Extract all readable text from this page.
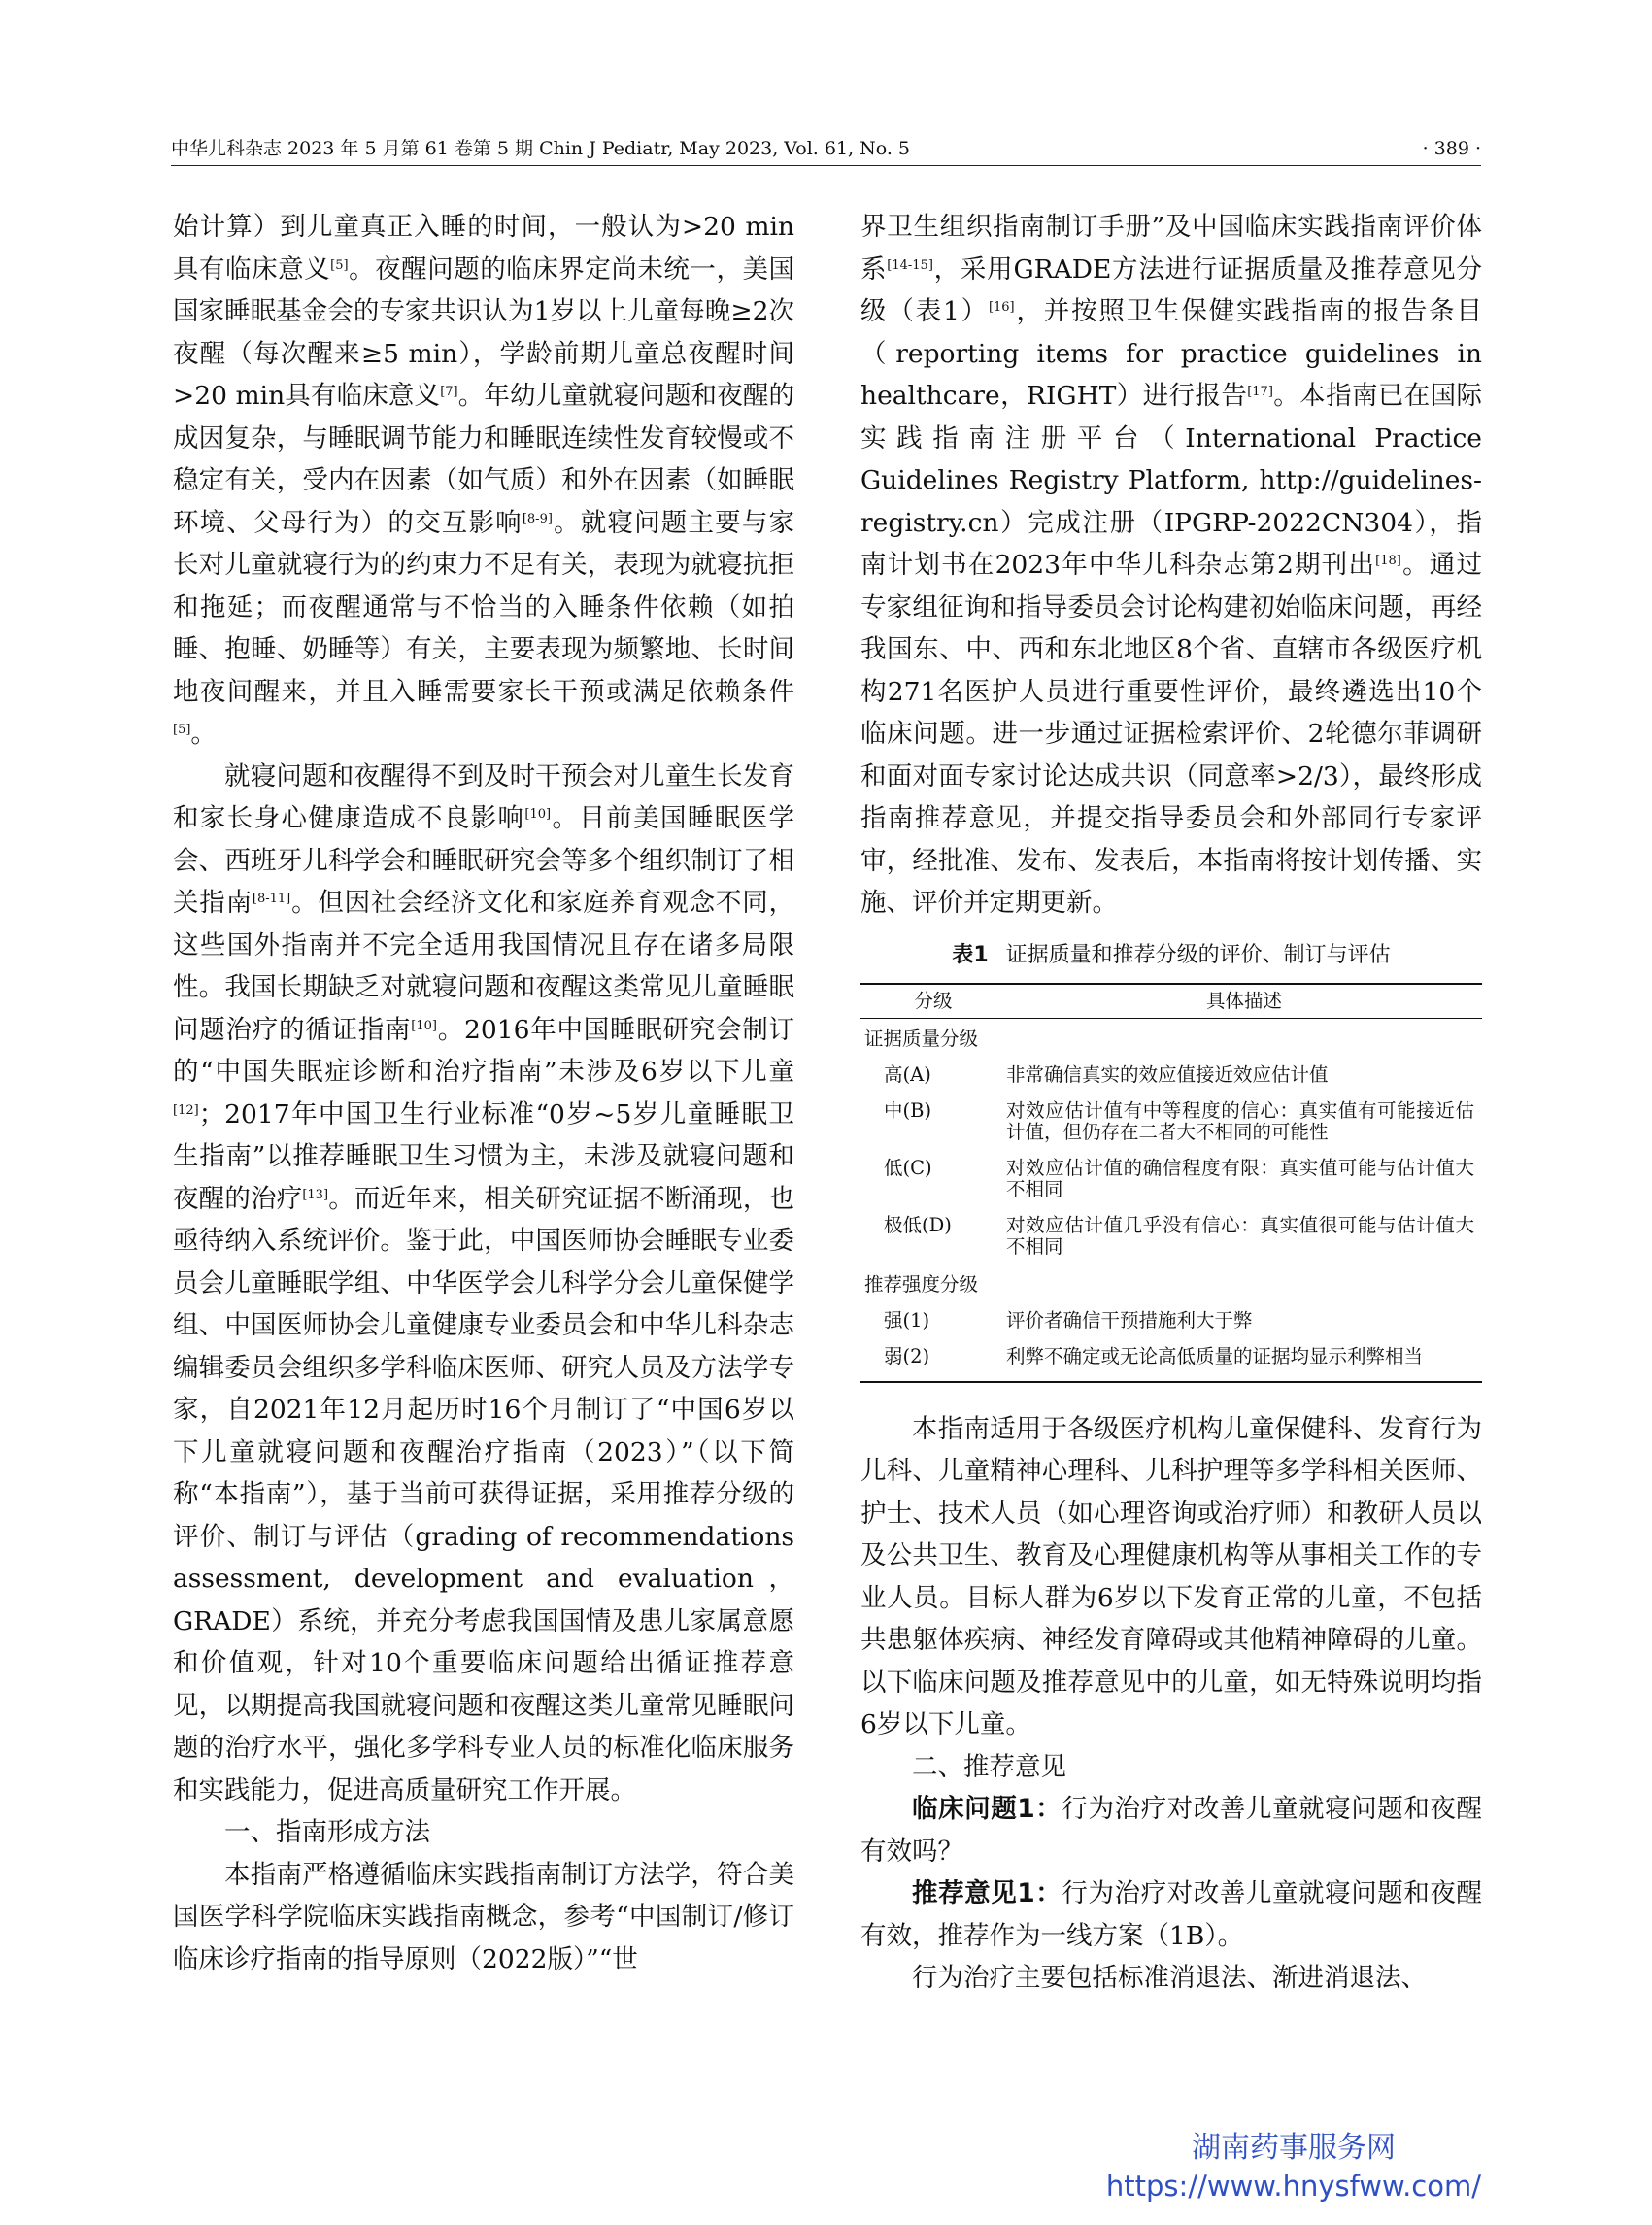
中华儿科杂志 2023 年 5 月第 61 卷第 5 期 Chin J Pediatr, May 2023, Vol. 61, No. 5	· 389 ·

始计算）到儿童真正入睡的时间，一般认为>20 min具有临床意义[5]。夜醒问题的临床界定尚未统一，美国国家睡眠基金会的专家共识认为1岁以上儿童每晚≥2次夜醒（每次醒来≥5 min），学龄前期儿童总夜醒时间>20 min具有临床意义[7]。年幼儿童就寝问题和夜醒的成因复杂，与睡眠调节能力和睡眠连续性发育较慢或不稳定有关，受内在因素（如气质）和外在因素（如睡眠环境、父母行为）的交互影响[8-9]。就寝问题主要与家长对儿童就寝行为的约束力不足有关，表现为就寝抗拒和拖延；而夜醒通常与不恰当的入睡条件依赖（如拍睡、抱睡、奶睡等）有关，主要表现为频繁地、长时间地夜间醒来，并且入睡需要家长干预或满足依赖条件[5]。

就寝问题和夜醒得不到及时干预会对儿童生长发育和家长身心健康造成不良影响[10]。目前美国睡眠医学会、西班牙儿科学会和睡眠研究会等多个组织制订了相关指南[8-11]。但因社会经济文化和家庭养育观念不同，这些国外指南并不完全适用我国情况且存在诸多局限性。我国长期缺乏对就寝问题和夜醒这类常见儿童睡眠问题治疗的循证指南[10]。2016年中国睡眠研究会制订的“中国失眠症诊断和治疗指南”未涉及6岁以下儿童[12]；2017年中国卫生行业标准“0岁~5岁儿童睡眠卫生指南”以推荐睡眠卫生习惯为主，未涉及就寝问题和夜醒的治疗[13]。而近年来，相关研究证据不断涌现，也亟待纳入系统评价。鉴于此，中国医师协会睡眠专业委员会儿童睡眠学组、中华医学会儿科学分会儿童保健学组、中国医师协会儿童健康专业委员会和中华儿科杂志编辑委员会组织多学科临床医师、研究人员及方法学专家，自2021年12月起历时16个月制订了“中国6岁以下儿童就寝问题和夜醒治疗指南（2023）”（以下简称“本指南”），基于当前可获得证据，采用推荐分级的评价、制订与评估（grading of recommendations assessment, development and evaluation，GRADE）系统，并充分考虑我国国情及患儿家属意愿和价值观，针对10个重要临床问题给出循证推荐意见，以期提高我国就寝问题和夜醒这类儿童常见睡眠问题的治疗水平，强化多学科专业人员的标准化临床服务和实践能力，促进高质量研究工作开展。

一、指南形成方法

本指南严格遵循临床实践指南制订方法学，符合美国医学科学院临床实践指南概念，参考“中国制订/修订临床诊疗指南的指导原则（2022版）”“世

界卫生组织指南制订手册”及中国临床实践指南评价体系[14-15]，采用GRADE方法进行证据质量及推荐意见分级（表1）[16]，并按照卫生保健实践指南的报告条目（reporting items for practice guidelines in healthcare，RIGHT）进行报告[17]。本指南已在国际实践指南注册平台（International Practice Guidelines Registry Platform, http://guidelines-registry.cn）完成注册（IPGRP-2022CN304），指南计划书在2023年中华儿科杂志第2期刊出[18]。通过专家组征询和指导委员会讨论构建初始临床问题，再经我国东、中、西和东北地区8个省、直辖市各级医疗机构271名医护人员进行重要性评价，最终遴选出10个临床问题。进一步通过证据检索评价、2轮德尔菲调研和面对面专家讨论达成共识（同意率>2/3），最终形成指南推荐意见，并提交指导委员会和外部同行专家评审，经批准、发布、发表后，本指南将按计划传播、实施、评价并定期更新。

表1 证据质量和推荐分级的评价、制订与评估
分级	具体描述
证据质量分级	
高(A)	非常确信真实的效应值接近效应估计值
中(B)	对效应估计值有中等程度的信心：真实值有可能接近估计值，但仍存在二者大不相同的可能性
低(C)	对效应估计值的确信程度有限：真实值可能与估计值大不相同
极低(D)	对效应估计值几乎没有信心：真实值很可能与估计值大不相同
推荐强度分级	
强(1)	评价者确信干预措施利大于弊
弱(2)	利弊不确定或无论高低质量的证据均显示利弊相当

本指南适用于各级医疗机构儿童保健科、发育行为儿科、儿童精神心理科、儿科护理等多学科相关医师、护士、技术人员（如心理咨询或治疗师）和教研人员以及公共卫生、教育及心理健康机构等从事相关工作的专业人员。目标人群为6岁以下发育正常的儿童，不包括共患躯体疾病、神经发育障碍或其他精神障碍的儿童。以下临床问题及推荐意见中的儿童，如无特殊说明均指6岁以下儿童。

二、推荐意见

临床问题1：行为治疗对改善儿童就寝问题和夜醒有效吗？

推荐意见1：行为治疗对改善儿童就寝问题和夜醒有效，推荐作为一线方案（1B）。

行为治疗主要包括标准消退法、渐进消退法、

湖南药事服务网
https://www.hnysfww.com/
